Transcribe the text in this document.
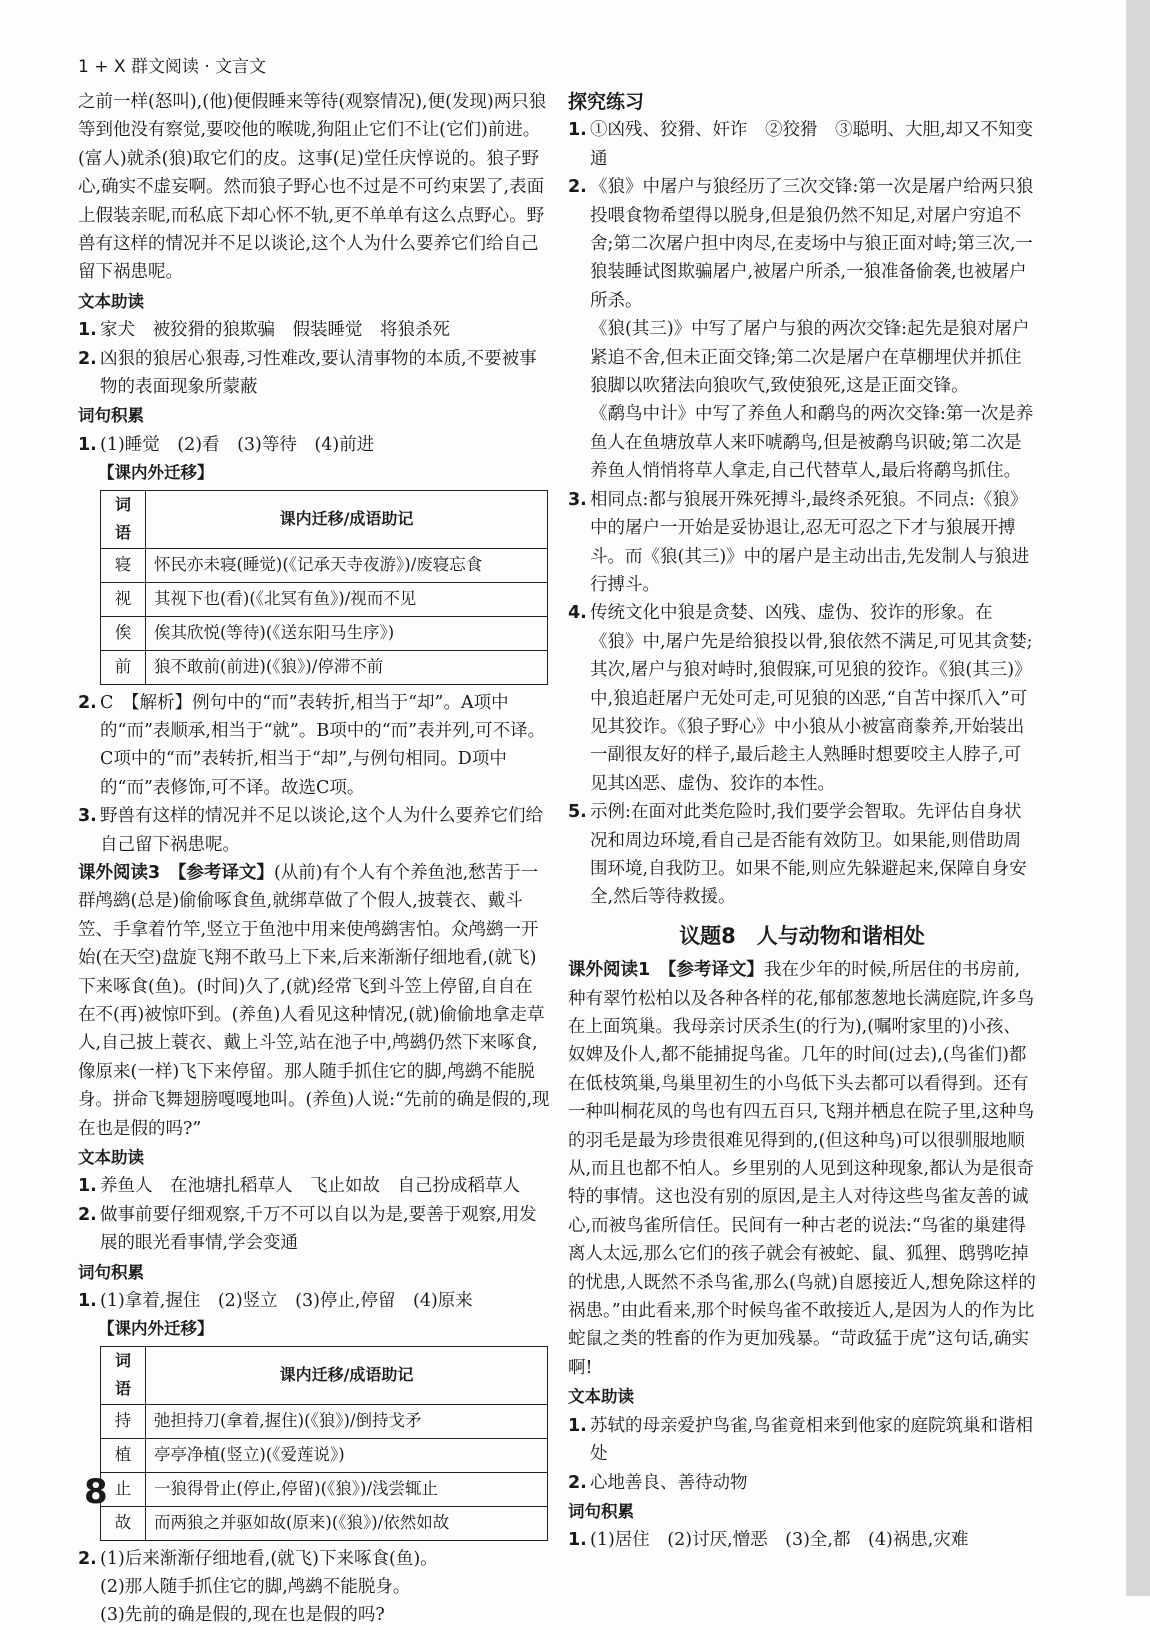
1 + X 群文阅读 · 文言文

之前一样(怒叫),(他)便假睡来等待(观察情况),便(发现)两只狼等到他没有察觉,要咬他的喉咙,狗阻止它们不让(它们)前进。(富人)就杀(狼)取它们的皮。这事(足)堂任庆惇说的。狼子野心,确实不虚妄啊。然而狼子野心也不过是不可约束罢了,表面上假装亲昵,而私底下却心怀不轨,更不单单有这么点野心。野兽有这样的情况并不足以谈论,这个人为什么要养它们给自己留下祸患呢。

文本助读

1. 家犬　被狡猾的狼欺骗　假装睡觉　将狼杀死
2. 凶狠的狼居心狠毒,习性难改,要认清事物的本质,不要被事物的表面现象所蒙蔽

词句积累

1. (1)睡觉　(2)看　(3)等待　(4)前进

【课内外迁移】

词语	课内迁移/成语助记
寝	怀民亦未寝(睡觉)(《记承天寺夜游》)/废寝忘食
视	其视下也(看)(《北冥有鱼》)/视而不见
俟	俟其欣悦(等待)(《送东阳马生序》)
前	狼不敢前(前进)(《狼》)/停滞不前
2. C　【解析】例句中的“而”表转折,相当于“却”。A项中的“而”表顺承,相当于“就”。B项中的“而”表并列,可不译。C项中的“而”表转折,相当于“却”,与例句相同。D项中的“而”表修饰,可不译。故选C项。
3. 野兽有这样的情况并不足以谈论,这个人为什么要养它们给自己留下祸患呢。

课外阅读3　【参考译文】(从前)有个人有个养鱼池,愁苦于一群鸬鹚(总是)偷偷啄食鱼,就绑草做了个假人,披蓑衣、戴斗笠、手拿着竹竿,竖立于鱼池中用来使鸬鹚害怕。众鸬鹚一开始(在天空)盘旋飞翔不敢马上下来,后来渐渐仔细地看,(就飞)下来啄食(鱼)。(时间)久了,(就)经常飞到斗笠上停留,自自在在不(再)被惊吓到。(养鱼)人看见这种情况,(就)偷偷地拿走草人,自己披上蓑衣、戴上斗笠,站在池子中,鸬鹚仍然下来啄食,像原来(一样)飞下来停留。那人随手抓住它的脚,鸬鹚不能脱身。拼命飞舞翅膀嘎嘎地叫。(养鱼)人说:“先前的确是假的,现在也是假的吗?”

文本助读

1. 养鱼人　在池塘扎稻草人　飞止如故　自己扮成稻草人
2. 做事前要仔细观察,千万不可以自以为是,要善于观察,用发展的眼光看事情,学会变通

词句积累

1. (1)拿着,握住　(2)竖立　(3)停止,停留　(4)原来

【课内外迁移】

词语	课内迁移/成语助记
持	弛担持刀(拿着,握住)(《狼》)/倒持戈矛
植	亭亭净植(竖立)(《爱莲说》)
止	一狼得骨止(停止,停留)(《狼》)/浅尝辄止
故	而两狼之并驱如故(原来)(《狼》)/依然如故
2. (1)后来渐渐仔细地看,(就飞)下来啄食(鱼)。
(2)那人随手抓住它的脚,鸬鹚不能脱身。
(3)先前的确是假的,现在也是假的吗?

探究练习

1. ①凶残、狡猾、奸诈　②狡猾　③聪明、大胆,却又不知变通
2. 《狼》中屠户与狼经历了三次交锋:第一次是屠户给两只狼投喂食物希望得以脱身,但是狼仍然不知足,对屠户穷追不舍;第二次屠户担中肉尽,在麦场中与狼正面对峙;第三次,一狼装睡试图欺骗屠户,被屠户所杀,一狼准备偷袭,也被屠户所杀。
《狼(其三)》中写了屠户与狼的两次交锋:起先是狼对屠户紧追不舍,但未正面交锋;第二次是屠户在草棚埋伏并抓住狼脚以吹猪法向狼吹气,致使狼死,这是正面交锋。
《鹬鸟中计》中写了养鱼人和鹬鸟的两次交锋:第一次是养鱼人在鱼塘放草人来吓唬鹬鸟,但是被鹬鸟识破;第二次是养鱼人悄悄将草人拿走,自己代替草人,最后将鹬鸟抓住。
3. 相同点:都与狼展开殊死搏斗,最终杀死狼。不同点:《狼》中的屠户一开始是妥协退让,忍无可忍之下才与狼展开搏斗。而《狼(其三)》中的屠户是主动出击,先发制人与狼进行搏斗。
4. 传统文化中狼是贪婪、凶残、虚伪、狡诈的形象。在《狼》中,屠户先是给狼投以骨,狼依然不满足,可见其贪婪;其次,屠户与狼对峙时,狼假寐,可见狼的狡诈。《狼(其三)》中,狼追赶屠户无处可走,可见狼的凶恶,“自苫中探爪入”可见其狡诈。《狼子野心》中小狼从小被富商豢养,开始装出一副很友好的样子,最后趁主人熟睡时想要咬主人脖子,可见其凶恶、虚伪、狡诈的本性。
5. 示例:在面对此类危险时,我们要学会智取。先评估自身状况和周边环境,看自己是否能有效防卫。如果能,则借助周围环境,自我防卫。如果不能,则应先躲避起来,保障自身安全,然后等待救援。

议题8　人与动物和谐相处

课外阅读1　【参考译文】我在少年的时候,所居住的书房前,种有翠竹松柏以及各种各样的花,郁郁葱葱地长满庭院,许多鸟在上面筑巢。我母亲讨厌杀生(的行为),(嘱咐家里的)小孩、奴婢及仆人,都不能捕捉鸟雀。几年的时间(过去),(鸟雀们)都在低枝筑巢,鸟巢里初生的小鸟低下头去都可以看得到。还有一种叫桐花凤的鸟也有四五百只,飞翔并栖息在院子里,这种鸟的羽毛是最为珍贵很难见得到的,(但这种鸟)可以很驯服地顺从,而且也都不怕人。乡里别的人见到这种现象,都认为是很奇特的事情。这也没有别的原因,是主人对待这些鸟雀友善的诚心,而被鸟雀所信任。民间有一种古老的说法:“鸟雀的巢建得离人太远,那么它们的孩子就会有被蛇、鼠、狐狸、鸱鸮吃掉的忧患,人既然不杀鸟雀,那么(鸟就)自愿接近人,想免除这样的祸患。”由此看来,那个时候鸟雀不敢接近人,是因为人的作为比蛇鼠之类的牲畜的作为更加残暴。“苛政猛于虎”这句话,确实啊!

文本助读

1. 苏轼的母亲爱护鸟雀,鸟雀竟相来到他家的庭院筑巢和谐相处
2. 心地善良、善待动物

词句积累

1. (1)居住　(2)讨厌,憎恶　(3)全,都　(4)祸患,灾难
8
